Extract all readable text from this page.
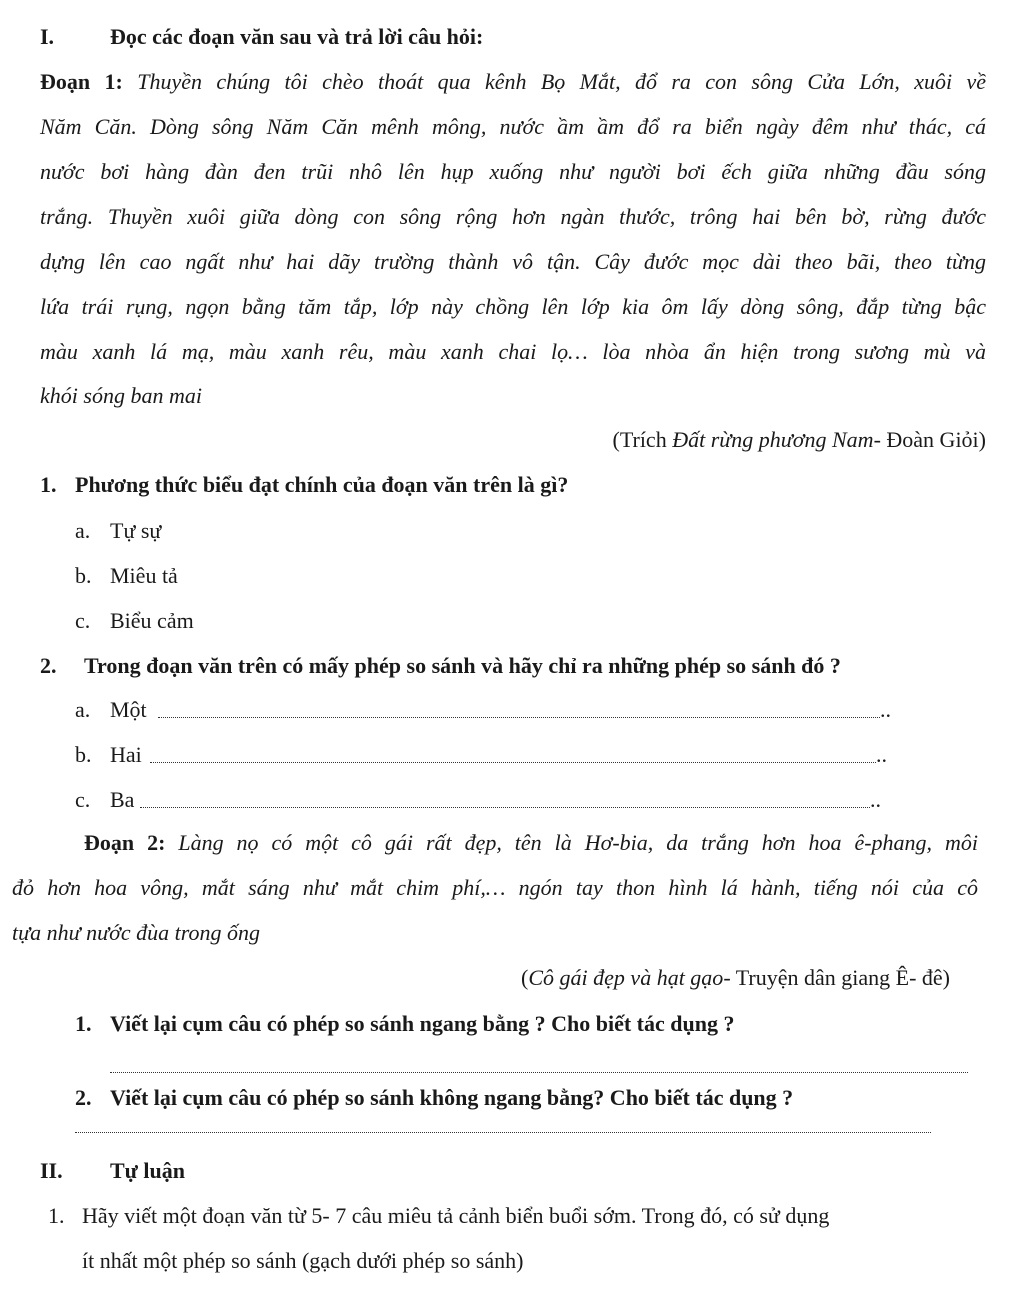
I.	Đọc các đoạn văn sau và trả lời câu hỏi:
Đoạn 1: Thuyền chúng tôi chèo thoát qua kênh Bọ Mắt, đổ ra con sông Cửa Lớn, xuôi về
Năm Căn. Dòng sông Năm Căn mênh mông, nước ầm ầm đổ ra biển ngày đêm như thác, cá
nước bơi hàng đàn đen trũi nhô lên hụp xuống như người bơi ếch giữa những đầu sóng
trắng. Thuyền xuôi giữa dòng con sông rộng hơn ngàn thước, trông hai bên bờ, rừng đước
dựng lên cao ngất như hai dãy trường thành vô tận. Cây đước mọc dài theo bãi, theo từng
lứa trái rụng, ngọn bằng tăm tắp, lớp này chồng lên lớp kia ôm lấy dòng sông, đắp từng bậc
màu xanh lá mạ, màu xanh rêu, màu xanh chai lọ… lòa nhòa ẩn hiện trong sương mù và
khói sóng ban mai
(Trích Đất rừng phương Nam- Đoàn Giỏi)
1. Phương thức biểu đạt chính của đoạn văn trên là gì?
a. Tự sự
b. Miêu tả
c. Biểu cảm
2. Trong đoạn văn trên có mấy phép so sánh và hãy chỉ ra những phép so sánh đó ?
a. Một	..
b. Hai	..
c. Ba	..
Đoạn 2: Làng nọ có một cô gái rất đẹp, tên là Hơ-bia, da trắng hơn hoa ê-phang, môi
đỏ hơn hoa vông, mắt sáng như mắt chim phí,… ngón tay thon hình lá hành, tiếng nói của cô
tựa như nước đùa trong ống
(Cô gái đẹp và hạt gạo- Truyện dân giang Ê- đê)
1. Viết lại cụm câu có phép so sánh ngang bằng ? Cho biết tác dụng ?
2. Viết lại cụm câu có phép so sánh không ngang bằng? Cho biết tác dụng ?
II. Tự luận
1. Hãy viết một đoạn văn từ 5- 7 câu miêu tả cảnh biển buổi sớm. Trong đó, có sử dụng
ít nhất một phép so sánh (gạch dưới phép so sánh)
